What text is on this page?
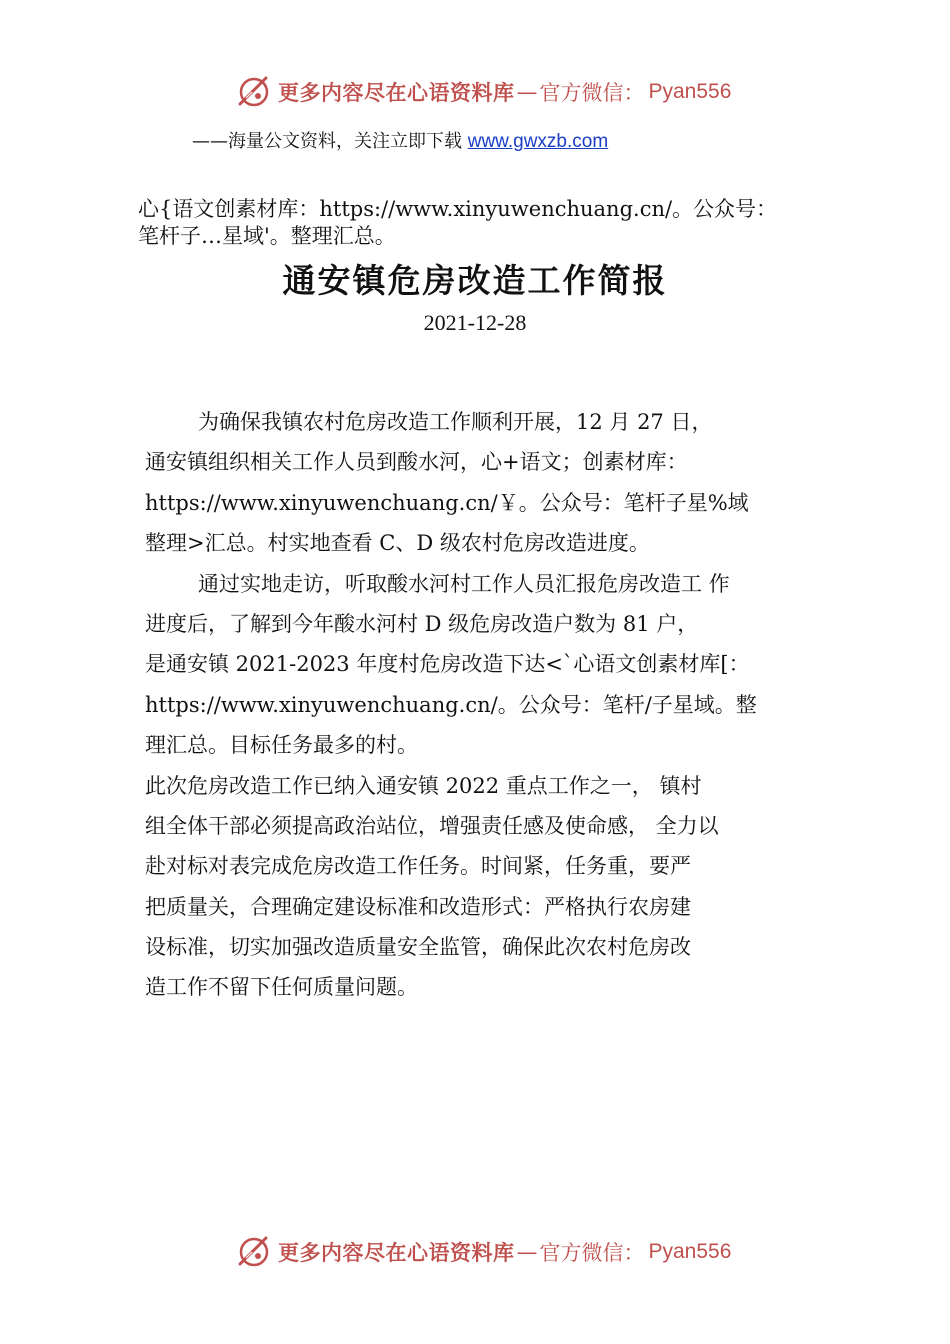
更多内容尽在心语资料库 — 官方微信： Pyan556
——海量公文资料，关注立即下载 www.gwxzb.com
心{语文创素材库：https://www.xinyuwenchuang.cn/。公众号：
笔杆子…星域'。整理汇总。
通安镇危房改造工作简报
2021-12-28
为确保我镇农村危房改造工作顺利开展，12 月 27 日，
通安镇组织相关工作人员到酸水河，心+语文；创素材库：
https://www.xinyuwenchuang.cn/￥。公众号：笔杆子星%域
整理>汇总。村实地查看 C、D 级农村危房改造进度。
通过实地走访，听取酸水河村工作人员汇报危房改造工 作
进度后，了解到今年酸水河村 D 级危房改造户数为 81 户，
是通安镇 2021-2023 年度村危房改造下达<`心语文创素材库[：
https://www.xinyuwenchuang.cn/。公众号：笔杆/子星域。整
理汇总。目标任务最多的村。
此次危房改造工作已纳入通安镇 2022 重点工作之一， 镇村
组全体干部必须提高政治站位，增强责任感及使命感， 全力以
赴对标对表完成危房改造工作任务。时间紧，任务重，要严
把质量关，合理确定建设标准和改造形式：严格执行农房建
设标准，切实加强改造质量安全监管，确保此次农村危房改
造工作不留下任何质量问题。
更多内容尽在心语资料库 — 官方微信： Pyan556
